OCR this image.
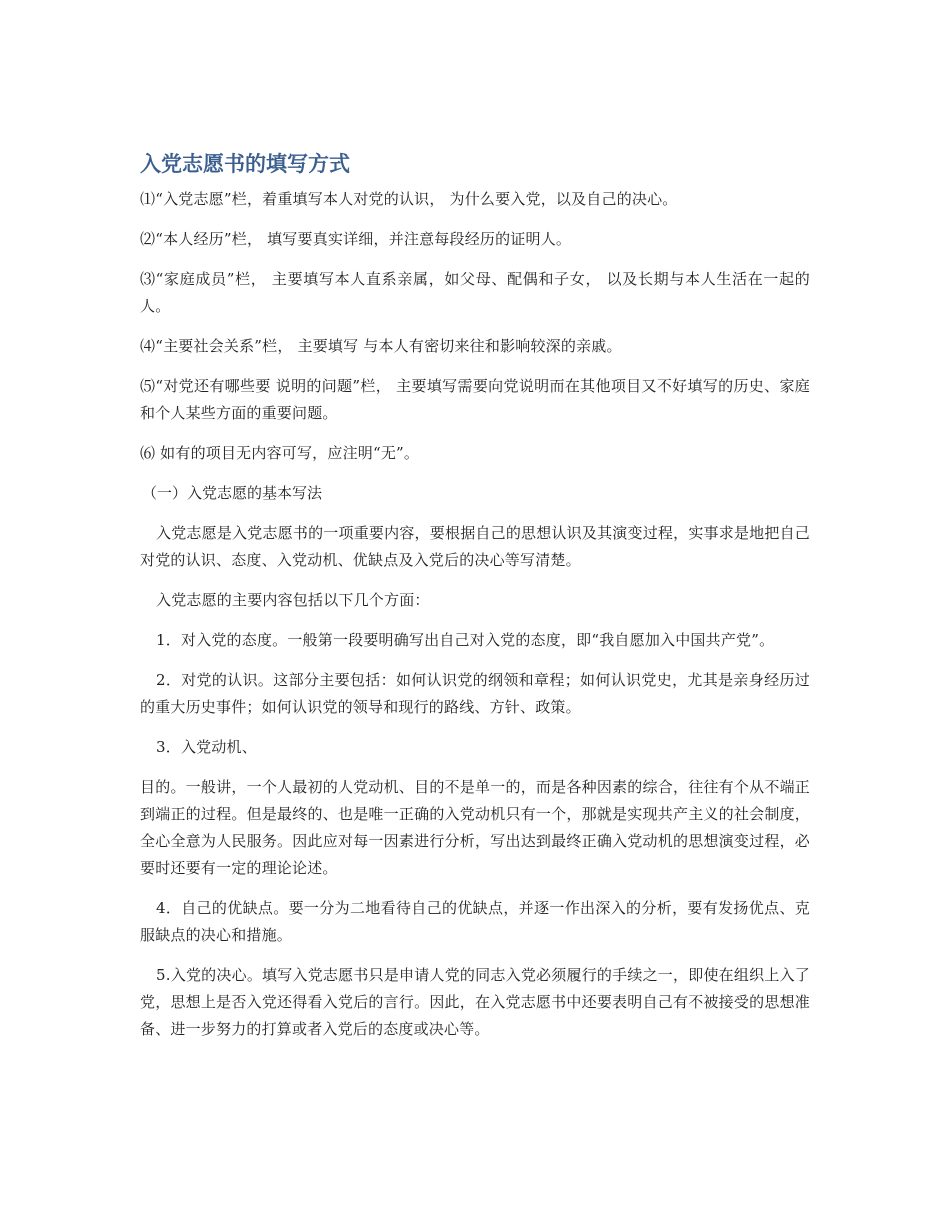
入党志愿书的填写方式

⑴“入党志愿”栏，着重填写本人对党的认识， 为什么要入党，以及自己的决心。

⑵“本人经历”栏， 填写要真实详细，并注意每段经历的证明人。

⑶“家庭成员”栏， 主要填写本人直系亲属，如父母、配偶和子女， 以及长期与本人生活在一起的人。

⑷“主要社会关系”栏， 主要填写 与本人有密切来往和影响较深的亲戚。

⑸“对党还有哪些要 说明的问题”栏， 主要填写需要向党说明而在其他项目又不好填写的历史、家庭和个人某些方面的重要问题。

⑹ 如有的项目无内容可写，应注明“无”。

（一）入党志愿的基本写法

入党志愿是入党志愿书的一项重要内容，要根据自己的思想认识及其演变过程，实事求是地把自己对党的认识、态度、入党动机、优缺点及入党后的决心等写清楚。

入党志愿的主要内容包括以下几个方面：

1．对入党的态度。一般第一段要明确写出自己对入党的态度，即“我自愿加入中国共产党”。

2．对党的认识。这部分主要包括：如何认识党的纲领和章程；如何认识党史，尤其是亲身经历过的重大历史事件；如何认识党的领导和现行的路线、方针、政策。

3．入党动机、

目的。一般讲，一个人最初的人党动机、目的不是单一的，而是各种因素的综合，往往有个从不端正到端正的过程。但是最终的、也是唯一正确的入党动机只有一个，那就是实现共产主义的社会制度，全心全意为人民服务。因此应对每一因素进行分析，写出达到最终正确入党动机的思想演变过程，必要时还要有一定的理论论述。

4．自己的优缺点。要一分为二地看待自己的优缺点，并逐一作出深入的分析，要有发扬优点、克服缺点的决心和措施。

5.入党的决心。填写入党志愿书只是申请人党的同志入党必须履行的手续之一，即使在组织上入了党，思想上是否入党还得看入党后的言行。因此，在入党志愿书中还要表明自己有不被接受的思想准备、进一步努力的打算或者入党后的态度或决心等。
